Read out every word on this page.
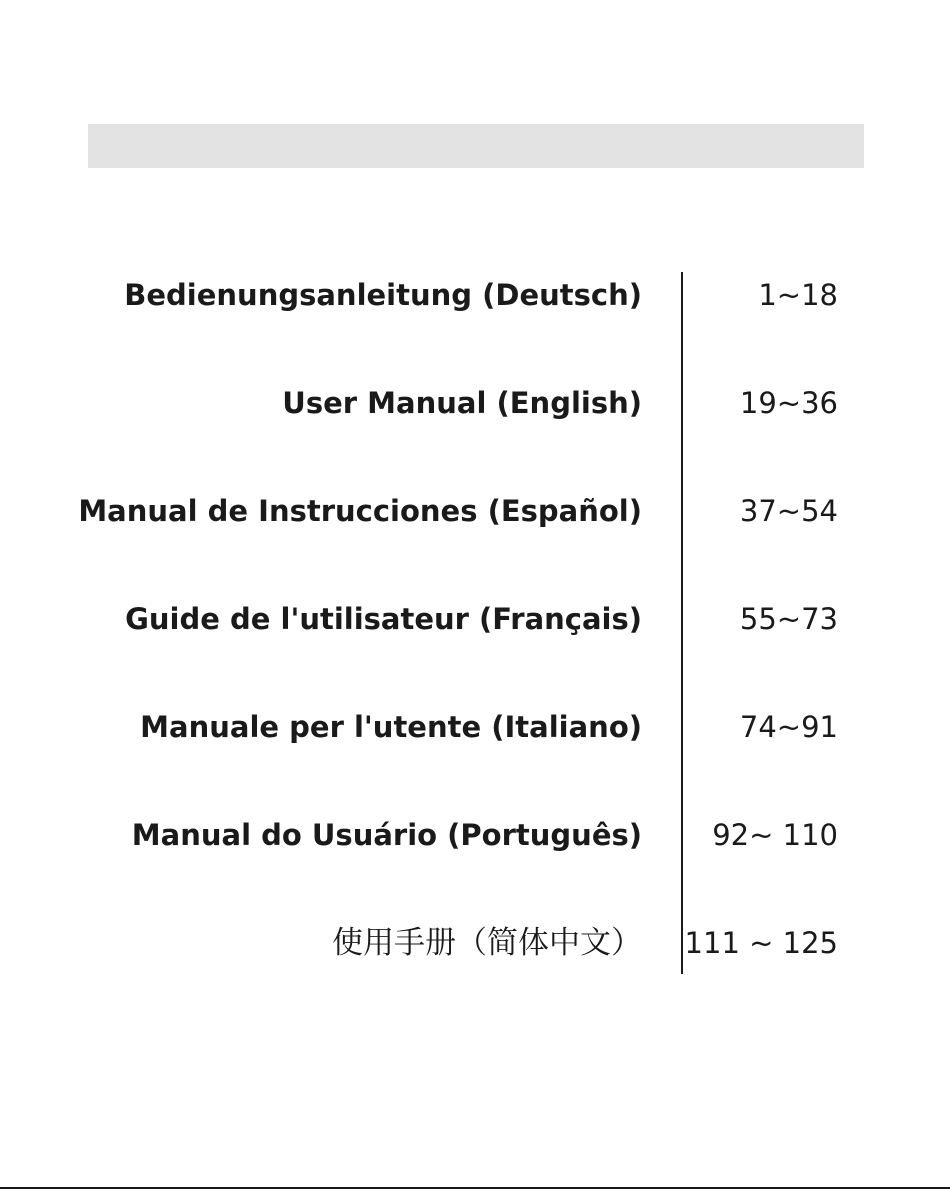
Bedienungsanleitung (Deutsch)	1~18
User Manual (English)	19~36
Manual de Instrucciones (Español)	37~54
Guide de l'utilisateur (Français)	55~73
Manuale per l'utente (Italiano)	74~91
Manual do Usuário (Português) 92~ 110
使用手册（简体中文） 111 ~ 125
